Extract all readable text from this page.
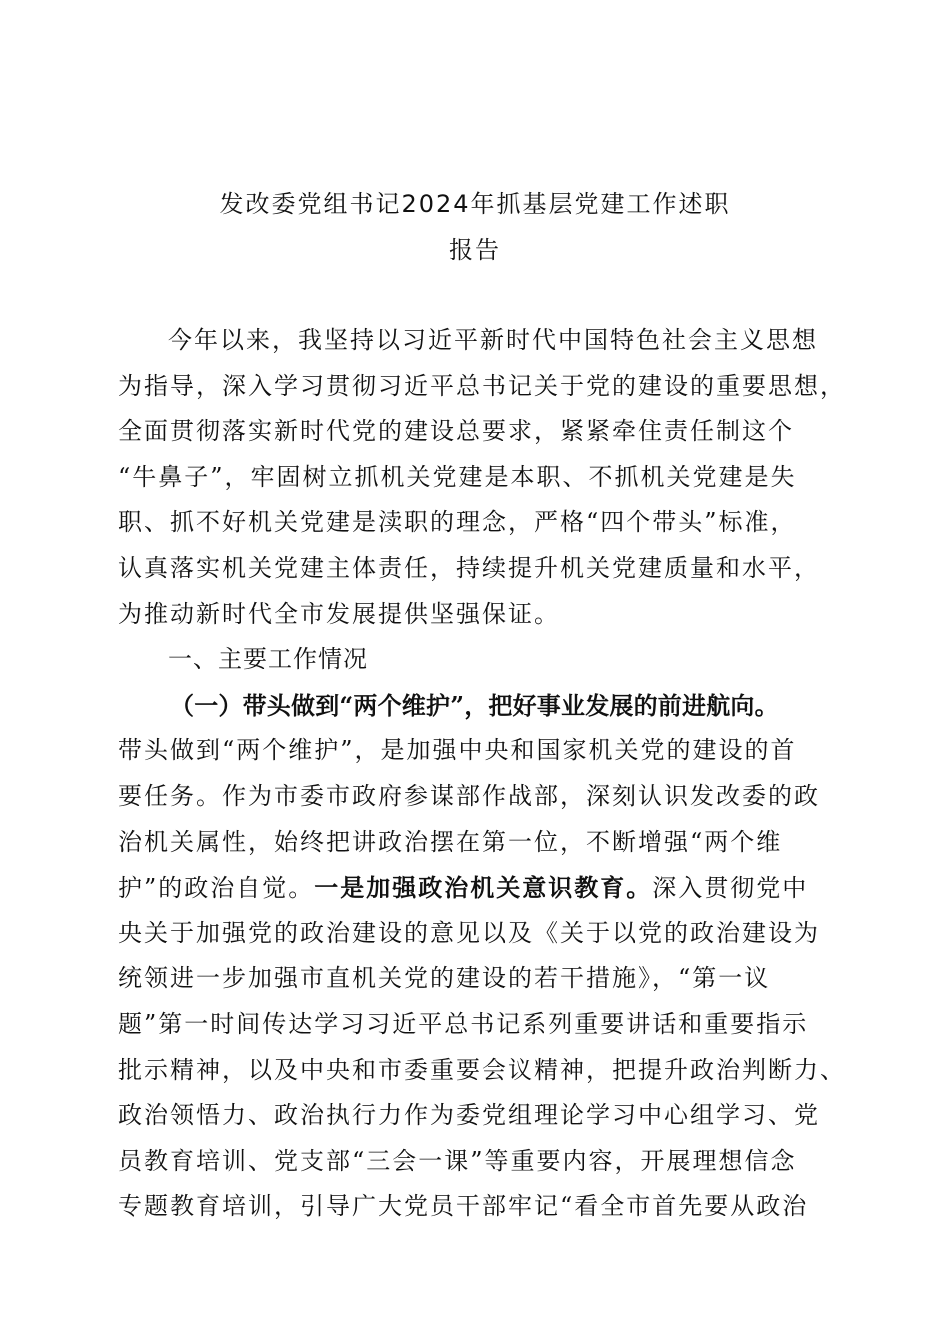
发改委党组书记2024年抓基层党建工作述职
报告
今年以来，我坚持以习近平新时代中国特色社会主义思想
为指导，深入学习贯彻习近平总书记关于党的建设的重要思想，
全面贯彻落实新时代党的建设总要求，紧紧牵住责任制这个
“牛鼻子”，牢固树立抓机关党建是本职、不抓机关党建是失
职、抓不好机关党建是渎职的理念，严格“四个带头”标准，
认真落实机关党建主体责任，持续提升机关党建质量和水平，
为推动新时代全市发展提供坚强保证。
一、主要工作情况
（一）带头做到“两个维护”，把好事业发展的前进航向。
带头做到“两个维护”，是加强中央和国家机关党的建设的首
要任务。作为市委市政府参谋部作战部，深刻认识发改委的政
治机关属性，始终把讲政治摆在第一位，不断增强“两个维
护”的政治自觉。一是加强政治机关意识教育。深入贯彻党中
央关于加强党的政治建设的意见以及《关于以党的政治建设为
统领进一步加强市直机关党的建设的若干措施》，“第一议
题”第一时间传达学习习近平总书记系列重要讲话和重要指示
批示精神，以及中央和市委重要会议精神，把提升政治判断力、
政治领悟力、政治执行力作为委党组理论学习中心组学习、党
员教育培训、党支部“三会一课”等重要内容，开展理想信念
专题教育培训，引导广大党员干部牢记“看全市首先要从政治
